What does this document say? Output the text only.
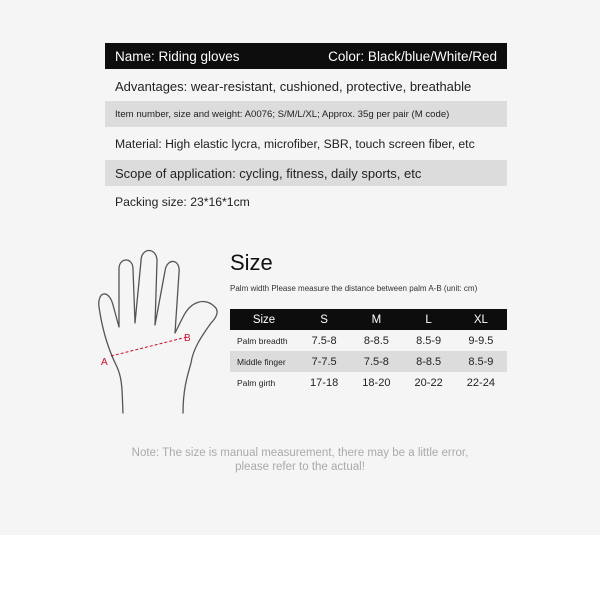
Name: Riding gloves	Color: Black/blue/White/Red
Advantages: wear-resistant, cushioned, protective, breathable
Item number, size and weight: A0076; S/M/L/XL; Approx. 35g per pair (M code)
Material: High elastic lycra, microfiber, SBR, touch screen fiber, etc
Scope of application: cycling, fitness, daily sports, etc
Packing size: 23*16*1cm
A
B
Size
Palm width Please measure the distance between palm A-B (unit: cm)
Size	S	M	L	XL
Palm breadth	7.5-8	8-8.5	8.5-9	9-9.5
Middle finger	7-7.5	7.5-8	8-8.5	8.5-9
Palm girth	17-18	18-20	20-22	22-24
Note: The size is manual measurement, there may be a little error,
please refer to the actual!
